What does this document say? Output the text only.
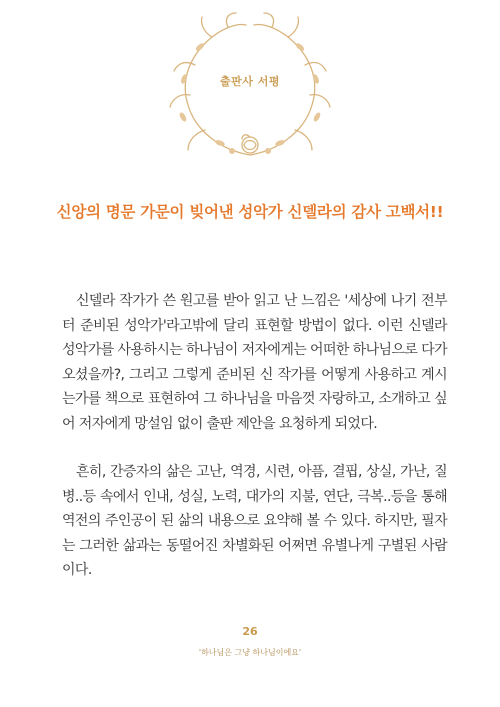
출판사 서평
신앙의 명문 가문이 빚어낸 성악가 신델라의 감사 고백서!!

신델라 작가가 쓴 원고를 받아 읽고 난 느낌은 '세상에 나기 전부터 준비된 성악가'라고밖에 달리 표현할 방법이 없다. 이런 신델라 성악가를 사용하시는 하나님이 저자에게는 어떠한 하나님으로 다가오셨을까?, 그리고 그렇게 준비된 신 작가를 어떻게 사용하고 계시는가를 책으로 표현하여 그 하나님을 마음껏 자랑하고, 소개하고 싶어 저자에게 망설임 없이 출판 제안을 요청하게 되었다.

흔히, 간증자의 삶은 고난, 역경, 시련, 아픔, 결핍, 상실, 가난, 질병..등 속에서 인내, 성실, 노력, 대가의 지불, 연단, 극복..등을 통해 역전의 주인공이 된 삶의 내용으로 요약해 볼 수 있다. 하지만, 필자는 그러한 삶과는 동떨어진 차별화된 어쩌면 유별나게 구별된 사람이다.

26
'하나님은 그냥 하나님이에요'
